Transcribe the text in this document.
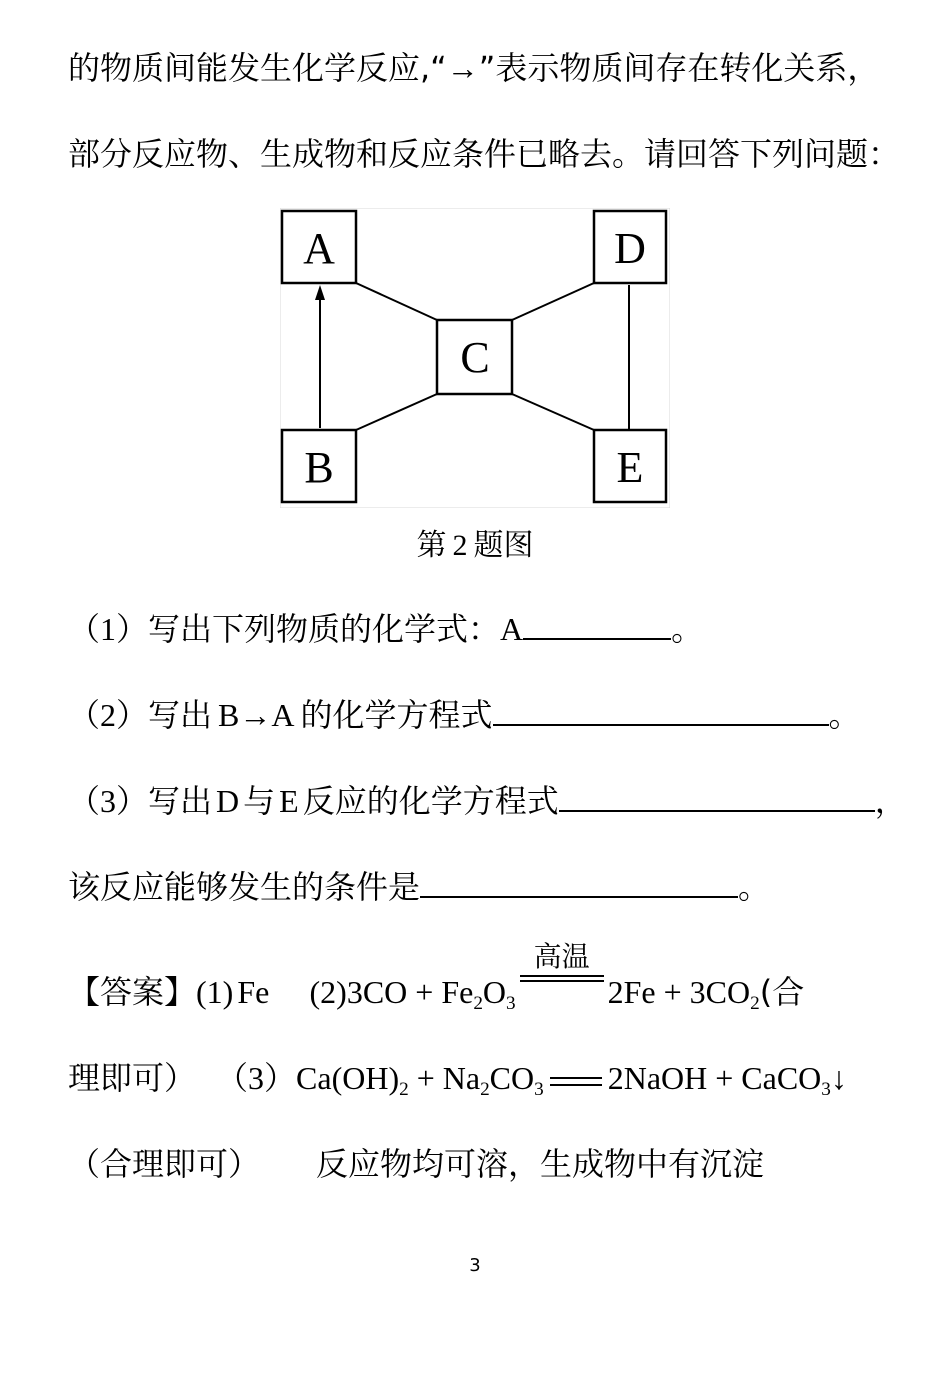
的物质间能发生化学反应,“→”表示物质间存在转化关系，
部分反应物、生成物和反应条件已略去。请回答下列问题：
A	D
C
B	E
第 2 题图
（1）写出下列物质的化学式：A	。
（2）写出 B→A 的化学方程式	。
（3）写出 D 与 E 反应的化学方程式	，
该反应能够发生的条件是	。
【答案】(1) Fe $(2)3CO + Fe_2O_3$
高温
$2Fe + 3CO_2$(合
理即可） $(3)Ca(OH)_2 + Na_2CO_3$ 2NaOH + CaCO$_3$↓
（合理即可） 反应物均可溶，生成物中有沉淀
3
